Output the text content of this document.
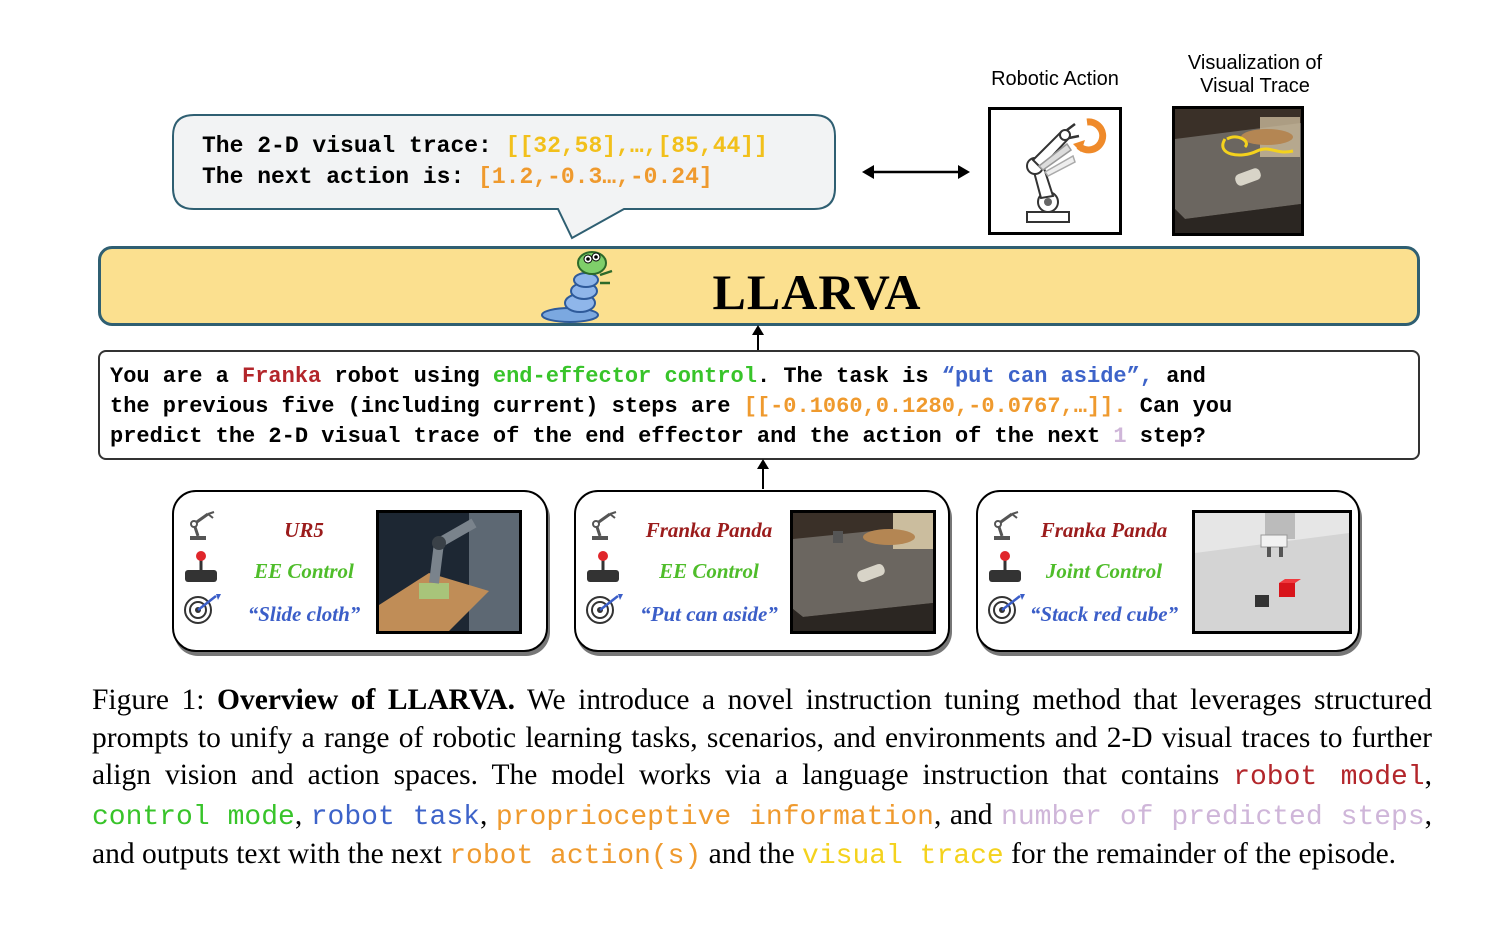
The 2-D visual trace: [[32,58],…,[85,44]]
The next action is: [1.2,-0.3…,-0.24]
Robotic Action
Visualization of
Visual Trace
LLARVA
You are a Franka robot using end-effector control. The task is “put can aside”, and
the previous five (including current) steps are [[-0.1060,0.1280,-0.0767,…]]. Can you
predict the 2-D visual trace of the end effector and the action of the next 1 step?
UR5
EE Control
“Slide cloth”
Franka Panda
EE Control
“Put can aside”
Franka Panda
Joint Control
“Stack red cube”
Figure 1: Overview of LLARVA. We introduce a novel instruction tuning method that leverages structured prompts to unify a range of robotic learning tasks, scenarios, and environments and 2-D visual traces to further align vision and action spaces. The model works via a language instruction that contains robot model, control mode, robot task, proprioceptive information, and number of predicted steps, and outputs text with the next robot action(s) and the visual trace for the remainder of the episode.
